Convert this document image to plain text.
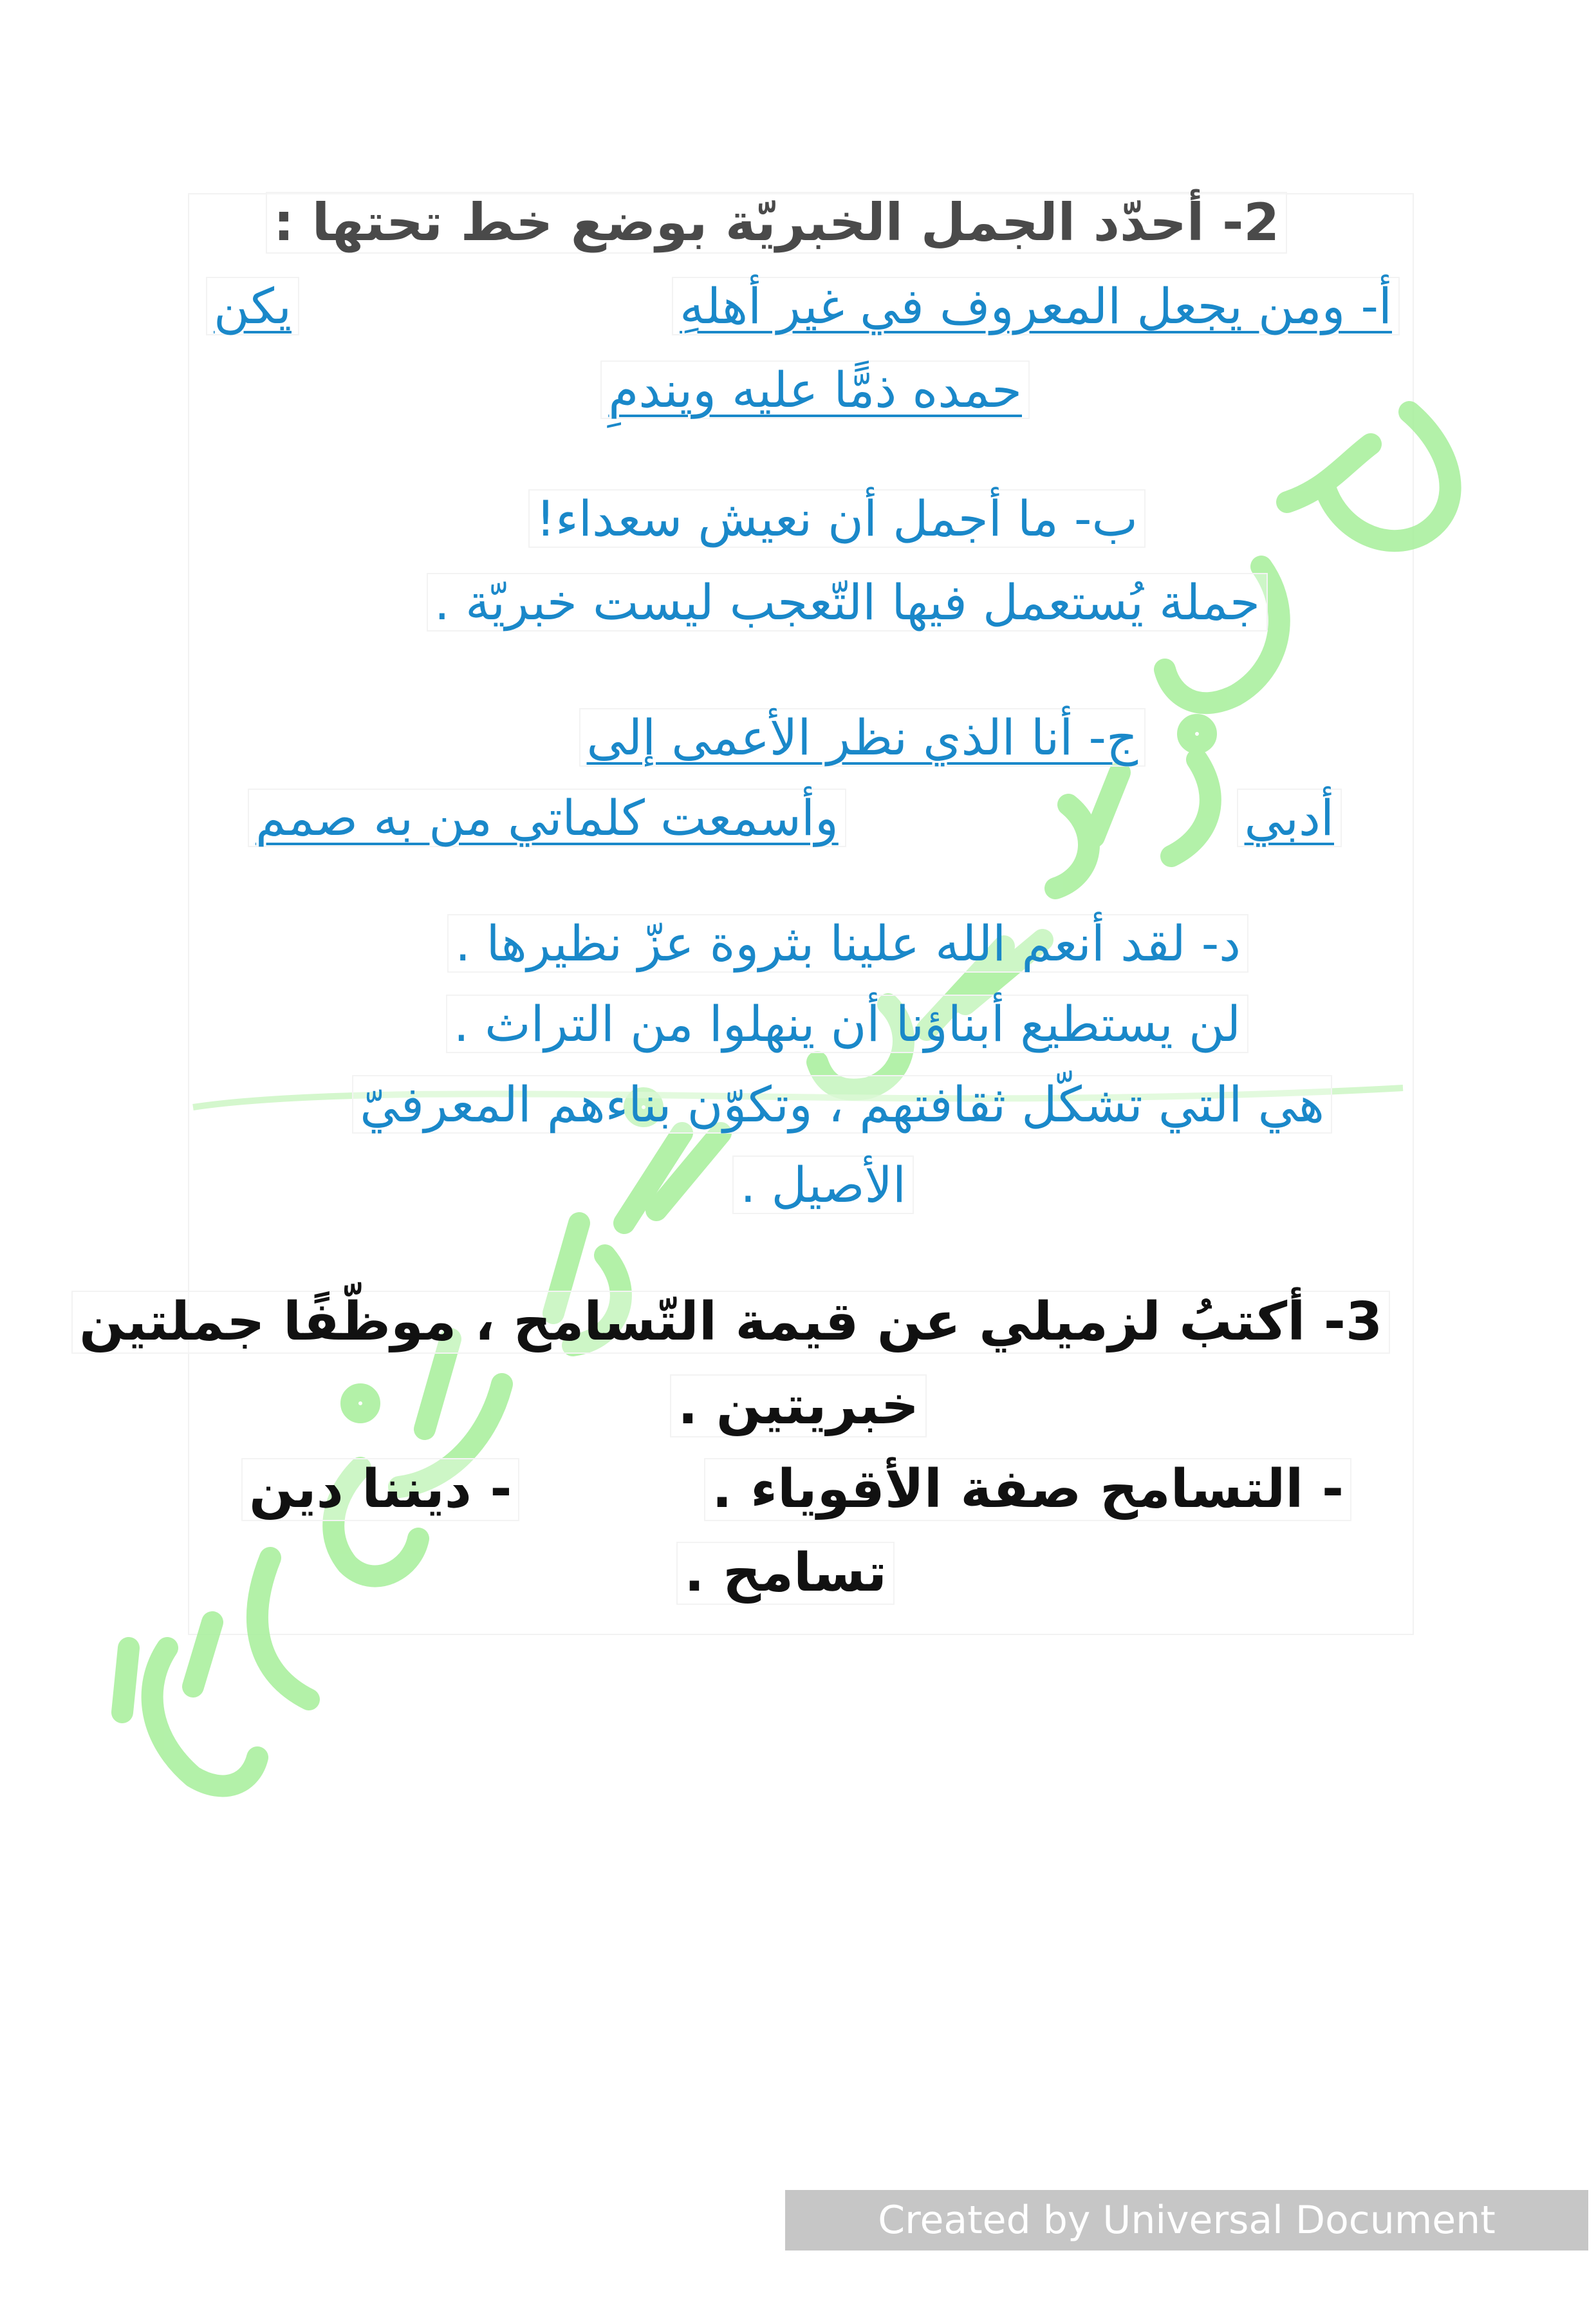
2- أحدّد الجمل الخبريّة بوضع خط تحتها :
أ- ومن يجعل المعروف في غير أهلهِ
يكن
حمده ذمًّا عليه ويندمِ
ب- ما أجمل أن نعيش سعداء!
جملة يُستعمل فيها التّعجب ليست خبريّة .
ج- أنا الذي نظر الأعمى إلى
أدبي
وأسمعت كلماتي من به صمم
د- لقد أنعم الله علينا بثروة عزّ نظيرها .
لن يستطيع أبناؤنا أن ينهلوا من التراث .
هي التي تشكّل ثقافتهم ، وتكوّن بناءهم المعرفيّ
الأصيل .
3- أكتبُ لزميلي عن قيمة التّسامح ، موظّفًا جملتين
خبريتين .
- التسامح صفة الأقوياء .
- ديننا دين
تسامح .
Created by Universal Document Converter
